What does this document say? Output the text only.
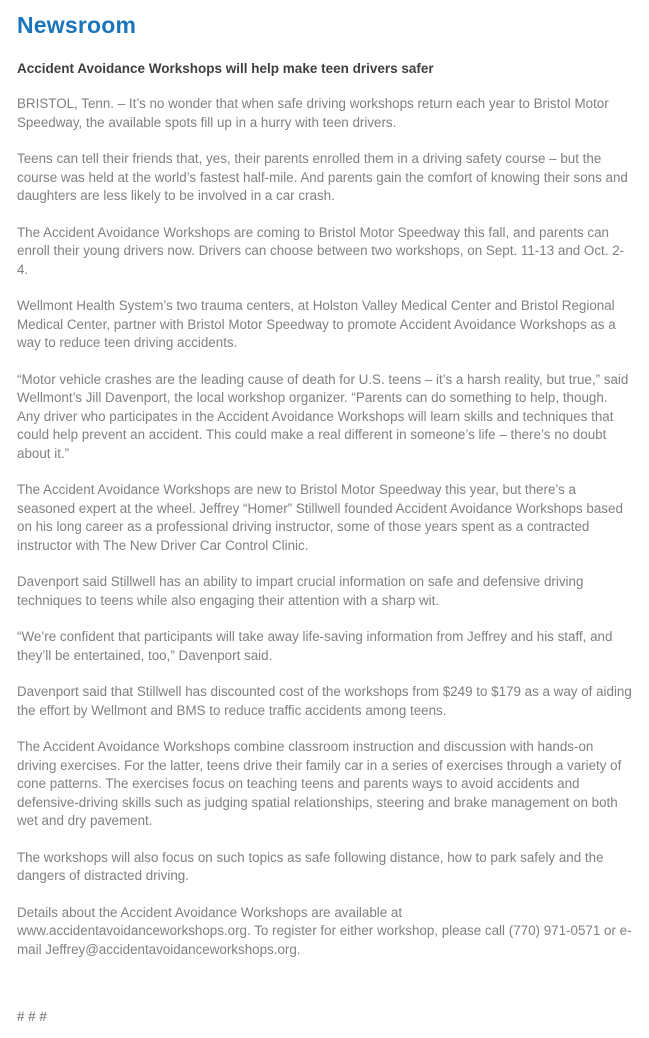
Newsroom
Accident Avoidance Workshops will help make teen drivers safer

BRISTOL, Tenn. – It’s no wonder that when safe driving workshops return each year to Bristol Motor Speedway, the available spots fill up in a hurry with teen drivers.

Teens can tell their friends that, yes, their parents enrolled them in a driving safety course – but the course was held at the world’s fastest half-mile. And parents gain the comfort of knowing their sons and daughters are less likely to be involved in a car crash.

The Accident Avoidance Workshops are coming to Bristol Motor Speedway this fall, and parents can enroll their young drivers now. Drivers can choose between two workshops, on Sept. 11-13 and Oct. 2-4.

Wellmont Health System’s two trauma centers, at Holston Valley Medical Center and Bristol Regional Medical Center, partner with Bristol Motor Speedway to promote Accident Avoidance Workshops as a way to reduce teen driving accidents.

“Motor vehicle crashes are the leading cause of death for U.S. teens – it’s a harsh reality, but true,” said Wellmont’s Jill Davenport, the local workshop organizer. “Parents can do something to help, though. Any driver who participates in the Accident Avoidance Workshops will learn skills and techniques that could help prevent an accident. This could make a real different in someone’s life – there’s no doubt about it.”

The Accident Avoidance Workshops are new to Bristol Motor Speedway this year, but there’s a seasoned expert at the wheel. Jeffrey “Homer” Stillwell founded Accident Avoidance Workshops based on his long career as a professional driving instructor, some of those years spent as a contracted instructor with The New Driver Car Control Clinic.

Davenport said Stillwell has an ability to impart crucial information on safe and defensive driving techniques to teens while also engaging their attention with a sharp wit.

“We’re confident that participants will take away life-saving information from Jeffrey and his staff, and they’ll be entertained, too,” Davenport said.

Davenport said that Stillwell has discounted cost of the workshops from $249 to $179 as a way of aiding the effort by Wellmont and BMS to reduce traffic accidents among teens.

The Accident Avoidance Workshops combine classroom instruction and discussion with hands-on driving exercises. For the latter, teens drive their family car in a series of exercises through a variety of cone patterns. The exercises focus on teaching teens and parents ways to avoid accidents and defensive-driving skills such as judging spatial relationships, steering and brake management on both wet and dry pavement.

The workshops will also focus on such topics as safe following distance, how to park safely and the dangers of distracted driving.

Details about the Accident Avoidance Workshops are available at www.accidentavoidanceworkshops.org. To register for either workshop, please call (770) 971-0571 or e-mail Jeffrey@accidentavoidanceworkshops.org.

# # #
